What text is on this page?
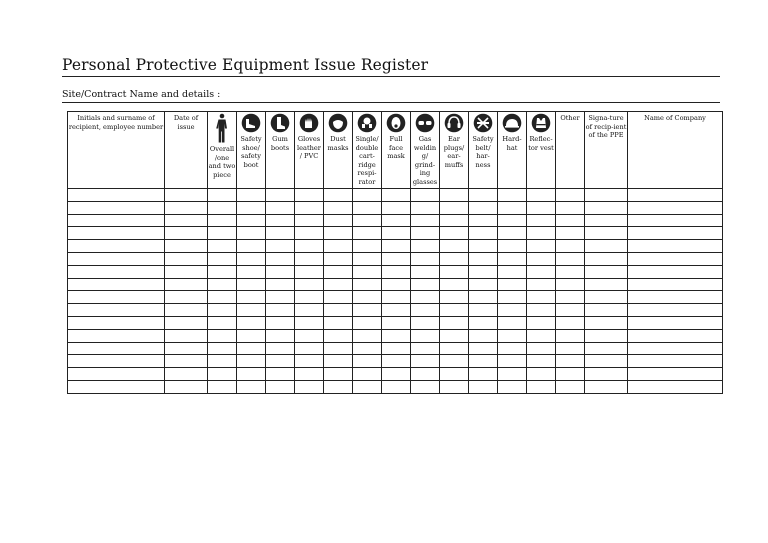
Personal Protective Equipment Issue Register
Site/Contract Name and details :
Initials and surname of recipient, employee number	Date of issue	Overall /one and two piece	Safety shoe/ safety boot	Gum boots	Gloves leather / PVC	Dust masks	Single/ double cart-ridge respi-rator	Full face mask	Gas weldin g/ grind-ing glasses	Ear plugs/ ear-muffs	Safety belt/ har-ness	Hard-hat	Reflec-tor vest	Other	Signa-ture of recip-ient of the PPE	Name of Company
